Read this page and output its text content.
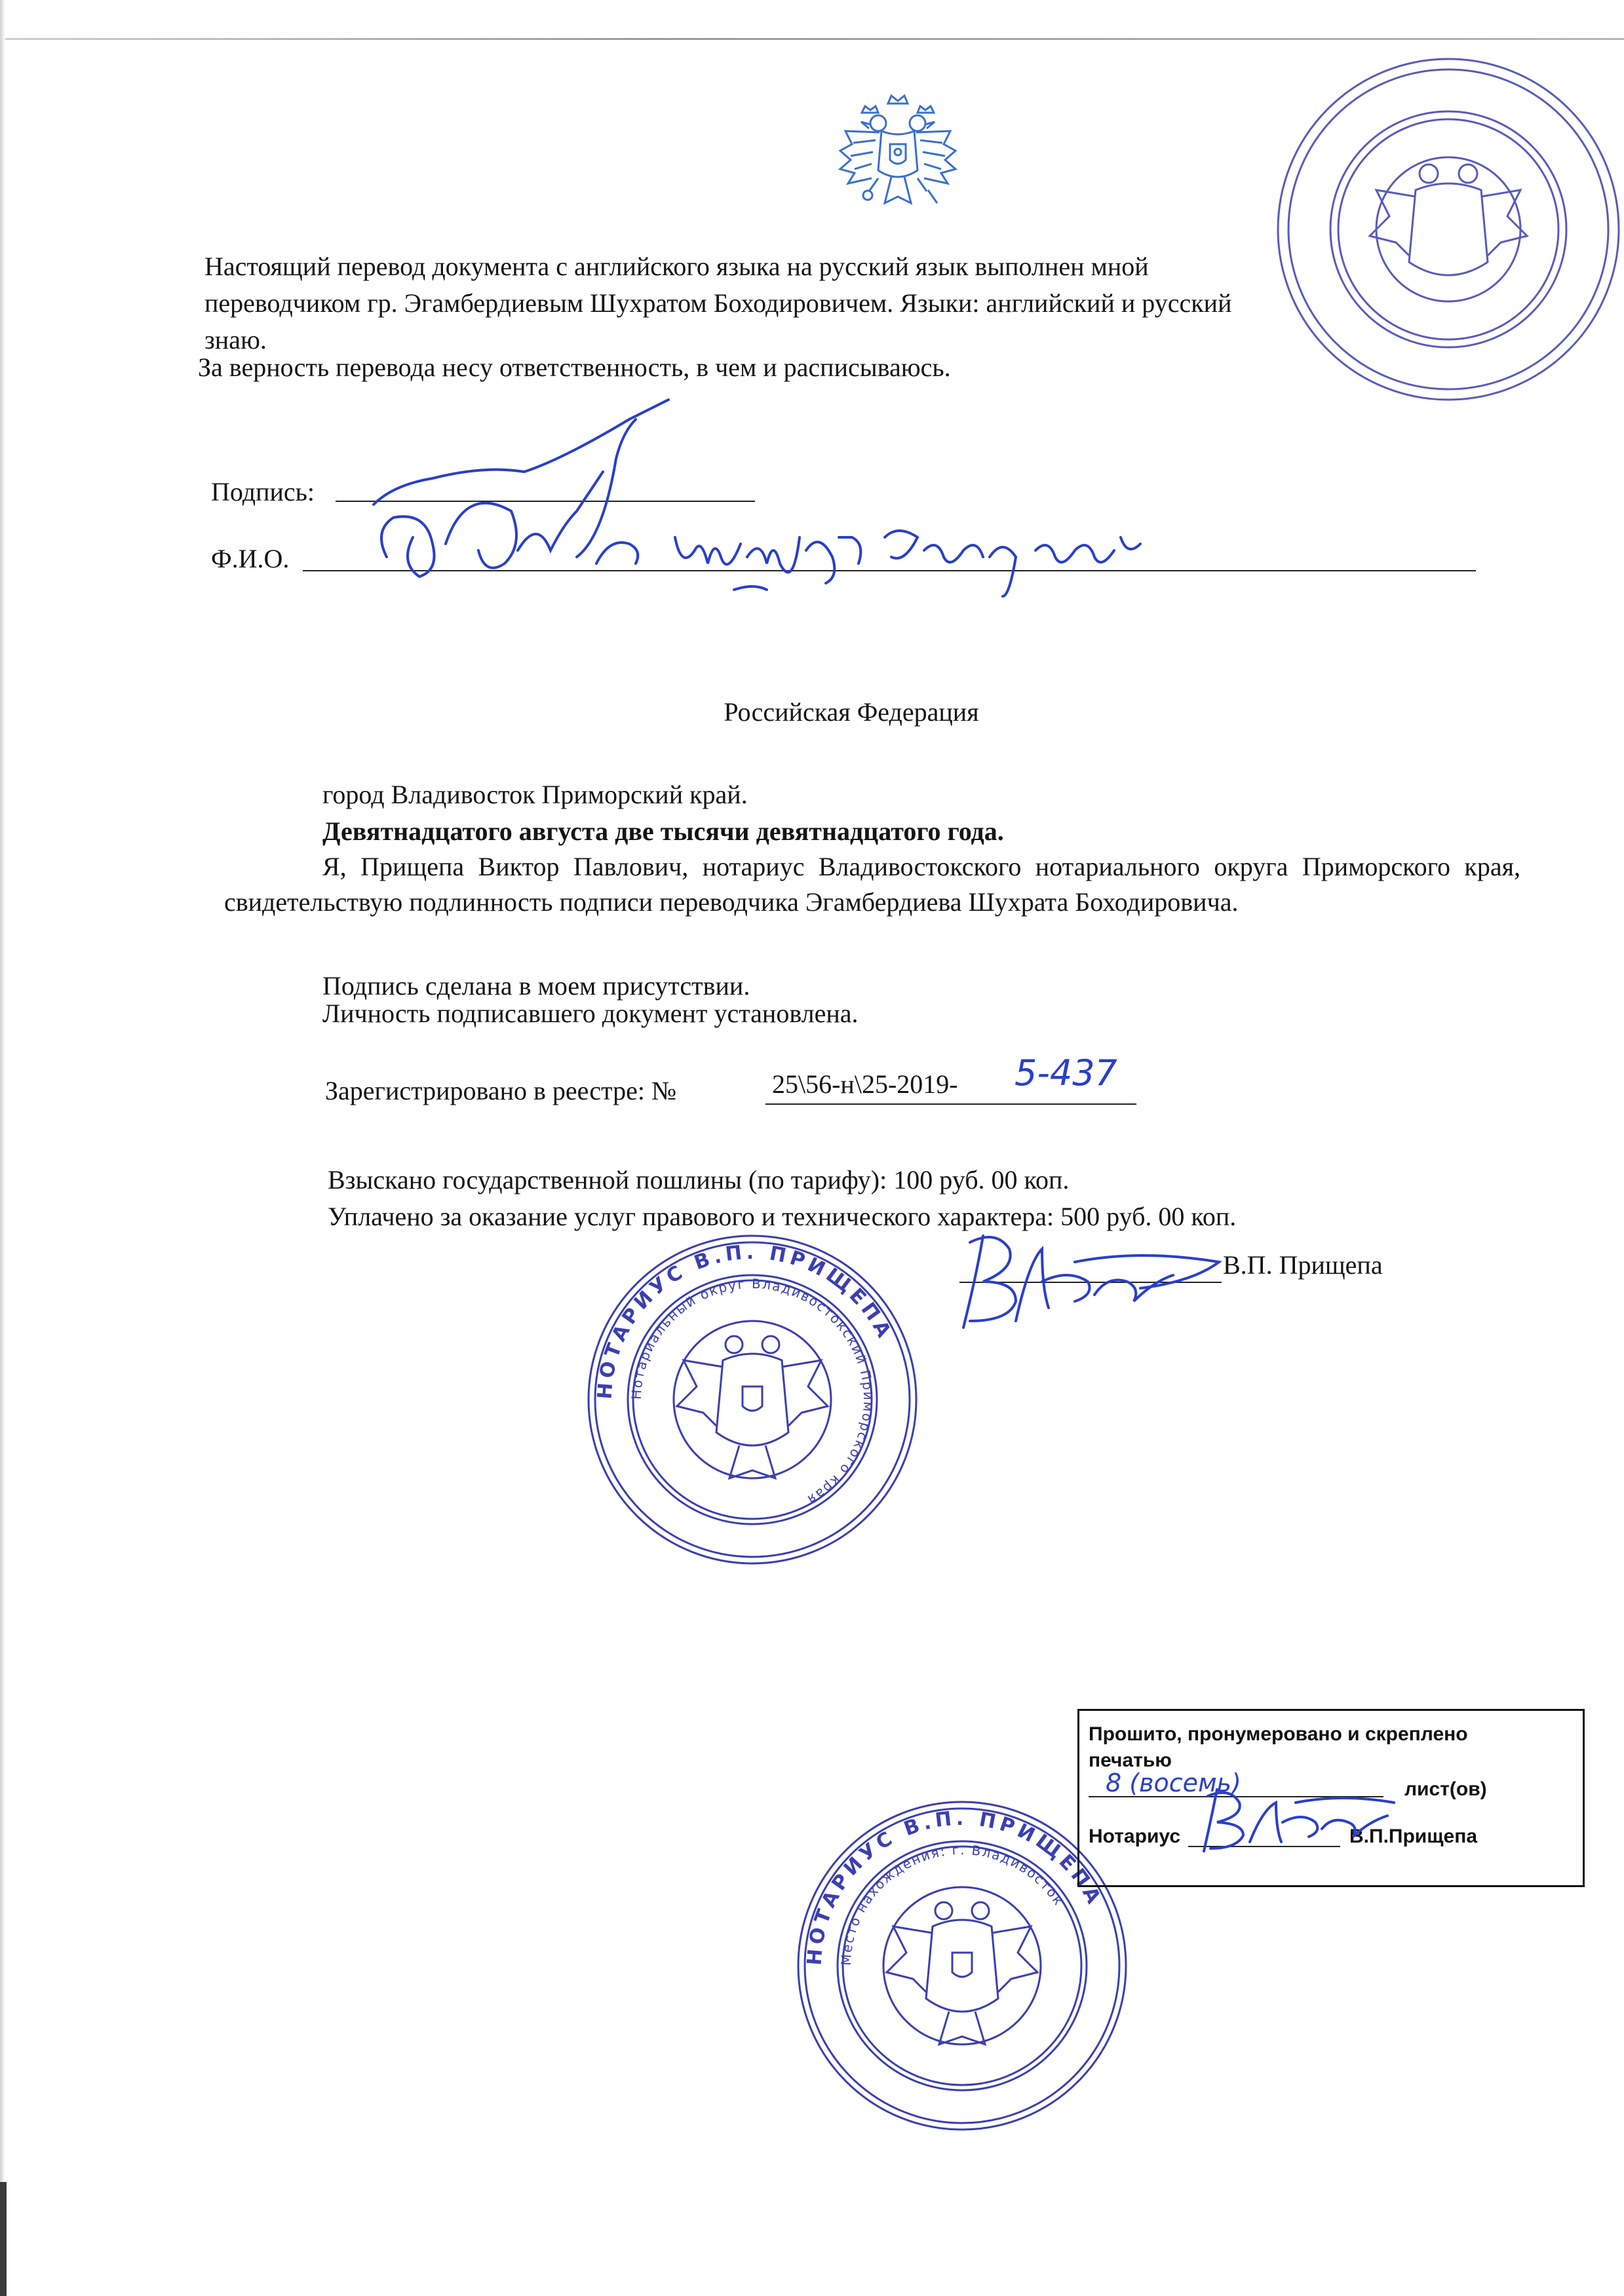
Настоящий перевод документа с английского языка на русский язык выполнен мной
переводчиком гр. Эгамбердиевым Шухратом Боходировичем. Языки: английский и русский
знаю.
За верность перевода несу ответственность, в чем и расписываюсь.
Подпись:
Ф.И.О.
Российская Федерация
город Владивосток Приморский край.
Девятнадцатого августа две тысячи девятнадцатого года.
Я, Прищепа Виктор Павлович, нотариус Владивостокского нотариального округа Приморского края, свидетельствую подлинность подписи переводчика Эгамбердиева Шухрата Боходировича.
Подпись сделана в моем присутствии.
Личность подписавшего документ установлена.
Зарегистрировано в реестре: №	25\56-н\25-2019-	5-437
Взыскано государственной пошлины (по тарифу): 100 руб. 00 коп.
Уплачено за оказание услуг правового и технического характера: 500 руб. 00 коп.
В.П. Прищепа
НОТАРИУС В.П. ПРИЩЕПА
Нотариальный округ Владивостокский Приморского края
НОТАРИУС В.П. ПРИЩЕПА
Место нахождения: г. Владивосток
Прошито, пронумеровано и скреплено
печатью
8 (восемь)	лист(ов)
Нотариус	В.П.Прищепа
